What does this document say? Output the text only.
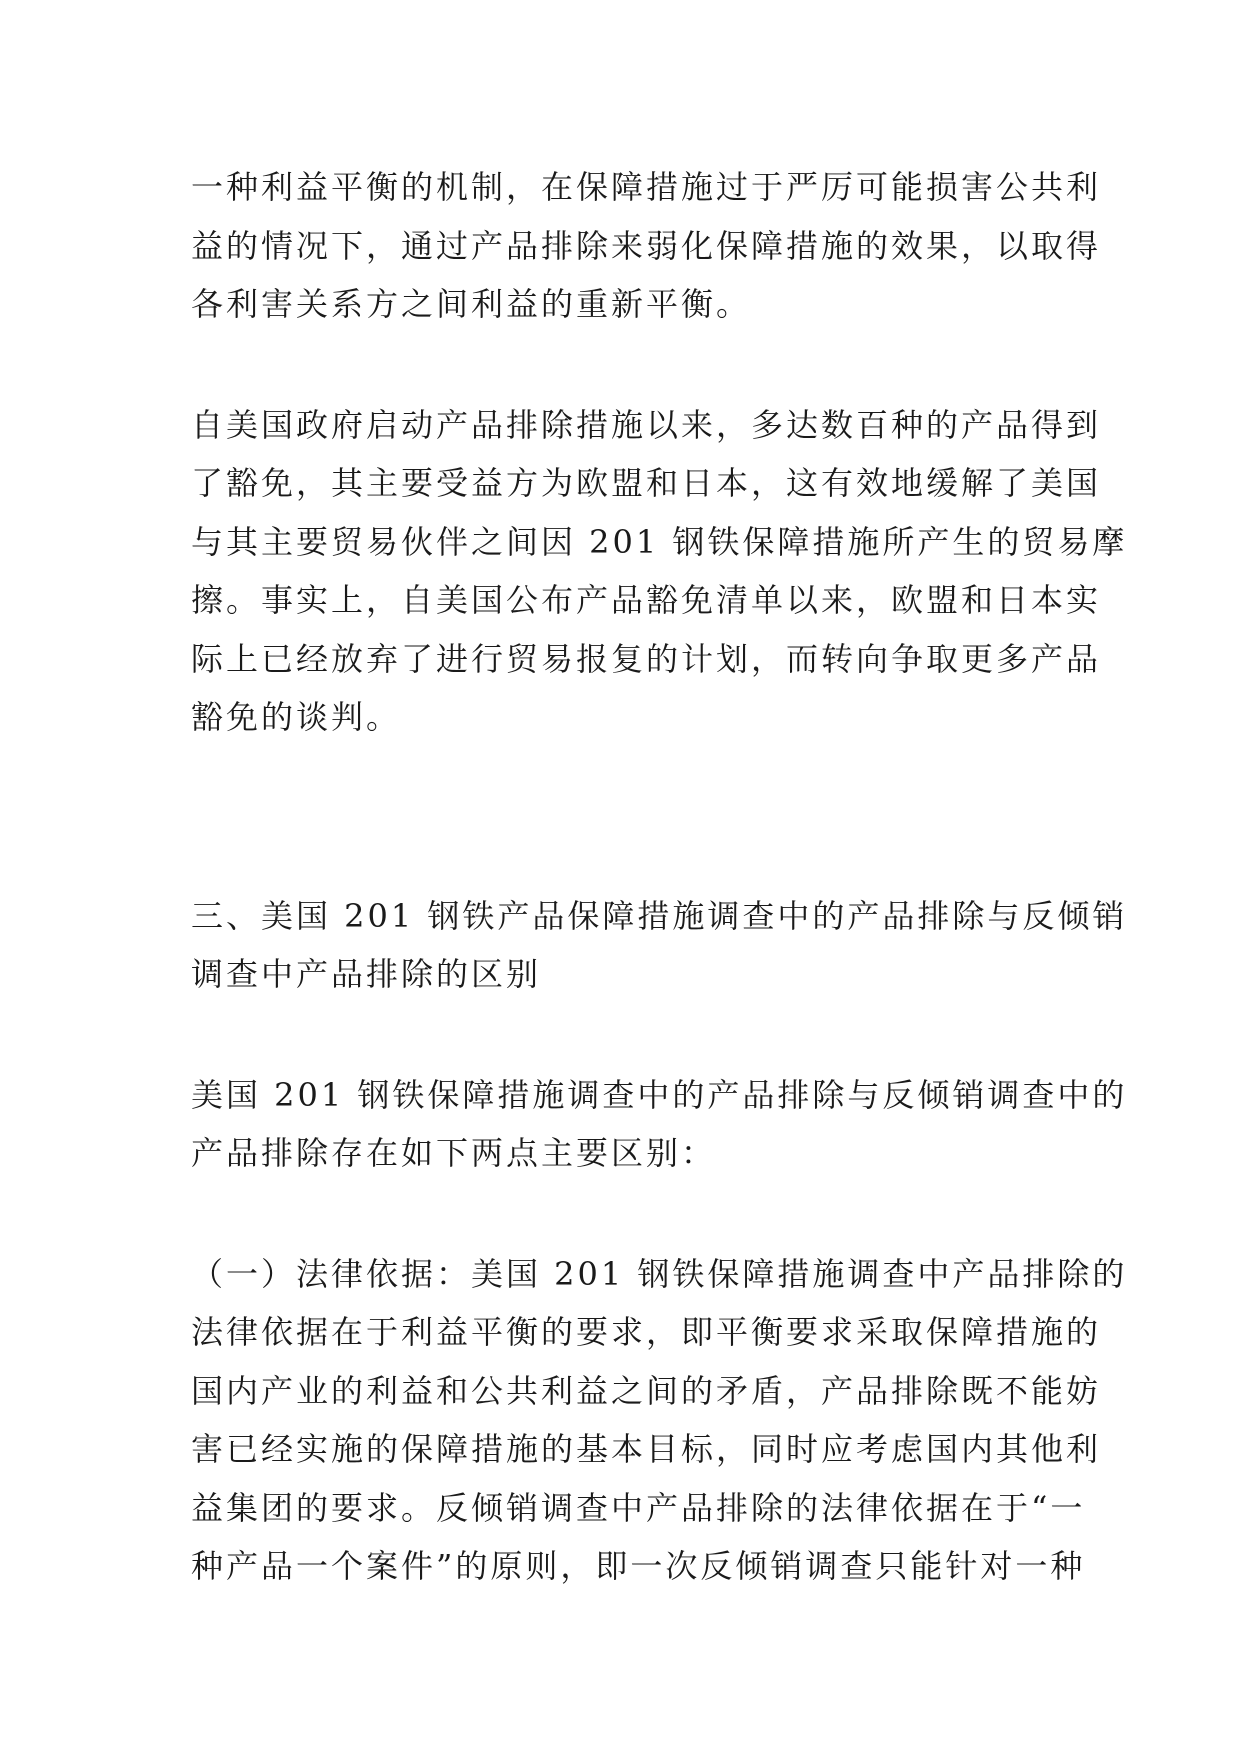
一种利益平衡的机制，在保障措施过于严厉可能损害公共利
益的情况下，通过产品排除来弱化保障措施的效果，以取得
各利害关系方之间利益的重新平衡。

自美国政府启动产品排除措施以来，多达数百种的产品得到
了豁免，其主要受益方为欧盟和日本，这有效地缓解了美国
与其主要贸易伙伴之间因 201 钢铁保障措施所产生的贸易摩
擦。事实上，自美国公布产品豁免清单以来，欧盟和日本实
际上已经放弃了进行贸易报复的计划，而转向争取更多产品
豁免的谈判。

三、美国 201 钢铁产品保障措施调查中的产品排除与反倾销
调查中产品排除的区别

美国 201 钢铁保障措施调查中的产品排除与反倾销调查中的
产品排除存在如下两点主要区别：

（一）法律依据：美国 201 钢铁保障措施调查中产品排除的
法律依据在于利益平衡的要求，即平衡要求采取保障措施的
国内产业的利益和公共利益之间的矛盾，产品排除既不能妨
害已经实施的保障措施的基本目标，同时应考虑国内其他利
益集团的要求。反倾销调查中产品排除的法律依据在于“一
种产品一个案件”的原则，即一次反倾销调查只能针对一种
